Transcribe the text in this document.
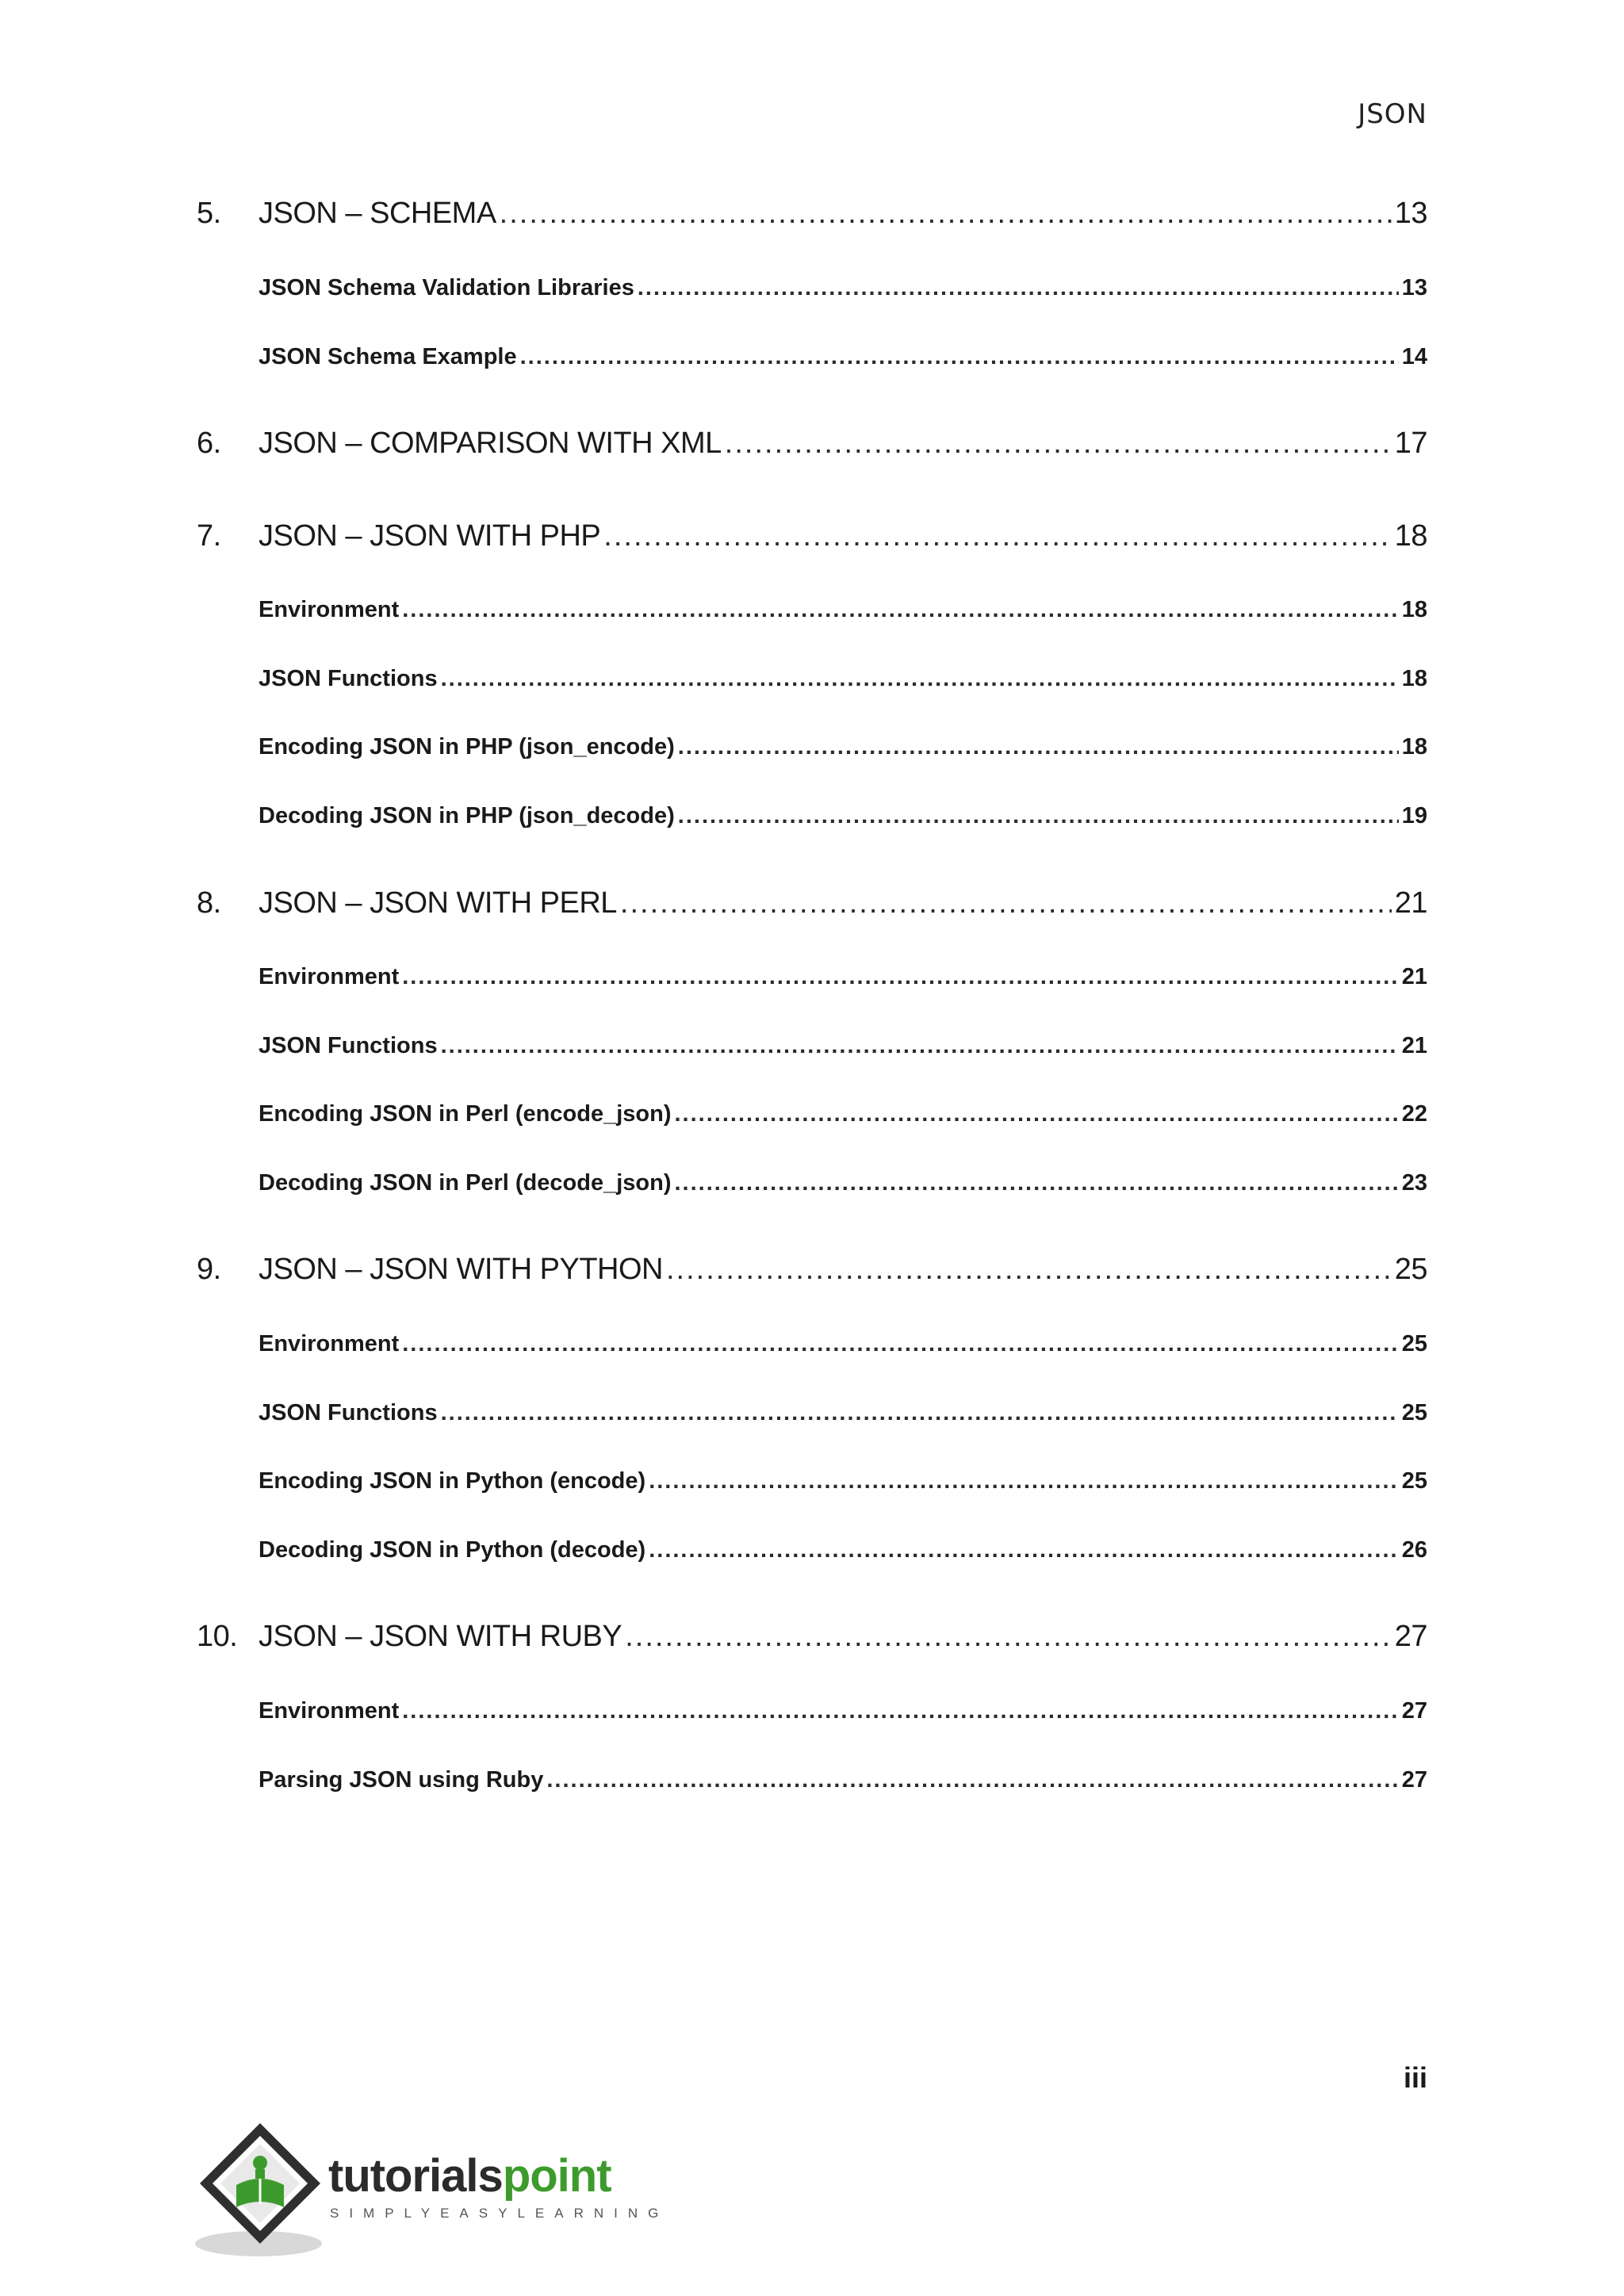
JSON
5.	JSON – SCHEMA .....	13
JSON Schema Validation Libraries .....	13
JSON Schema Example .....	14
6.	JSON – COMPARISON WITH XML .....	17
7.	JSON – JSON WITH PHP .....	18
Environment .....	18
JSON Functions .....	18
Encoding JSON in PHP (json_encode) .....	18
Decoding JSON in PHP (json_decode) .....	19
8.	JSON – JSON WITH PERL .....	21
Environment .....	21
JSON Functions .....	21
Encoding JSON in Perl (encode_json) .....	22
Decoding JSON in Perl (decode_json) .....	23
9.	JSON – JSON WITH PYTHON .....	25
Environment .....	25
JSON Functions .....	25
Encoding JSON in Python (encode) .....	25
Decoding JSON in Python (decode) .....	26
10. JSON – JSON WITH RUBY .....	27
Environment .....	27
Parsing JSON using Ruby .....	27
iii
tutorialspoint
SIMPLYEASYLEARNING
